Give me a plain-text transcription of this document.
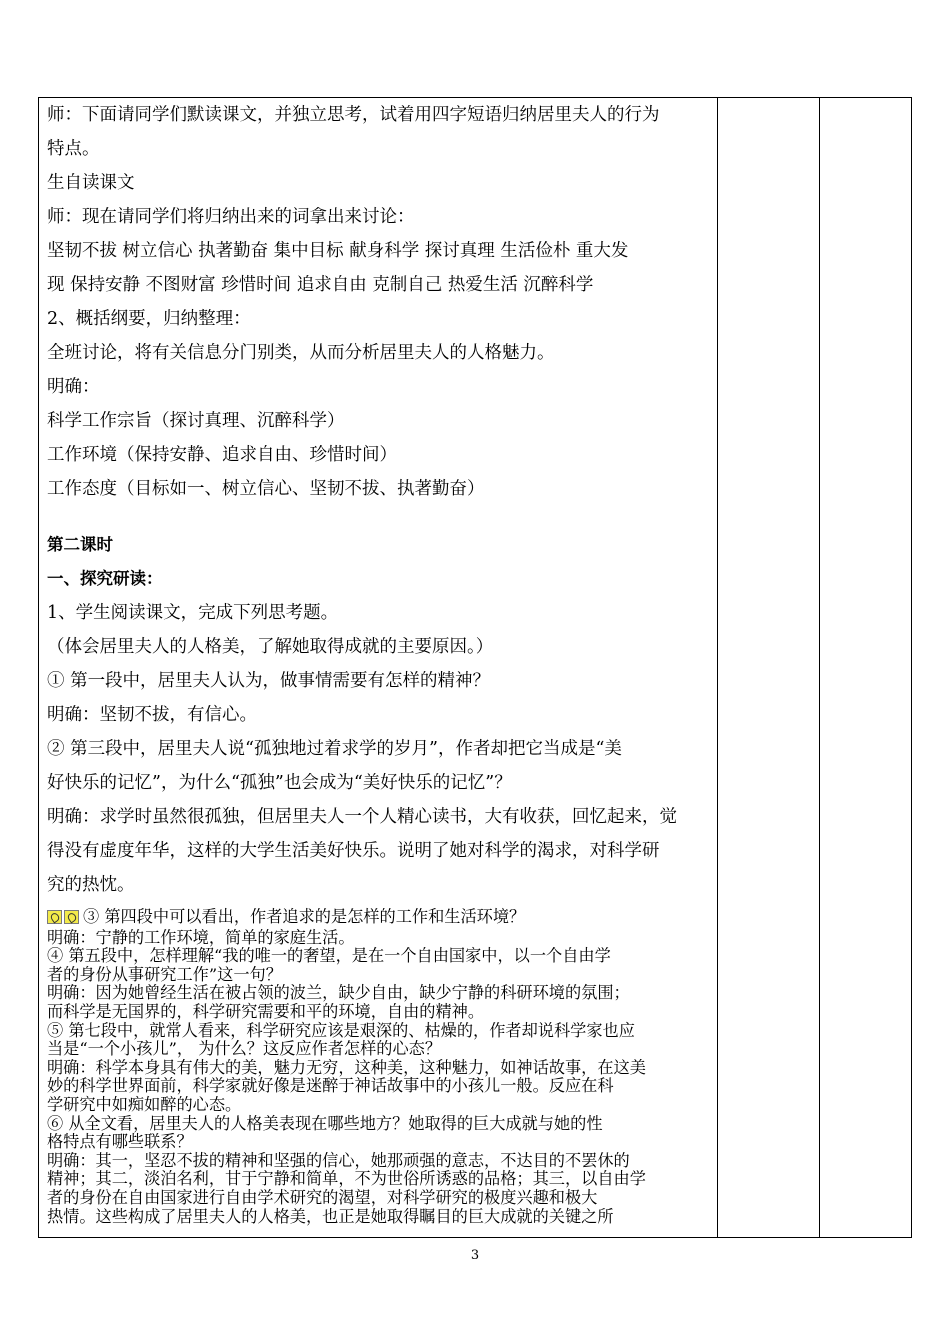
师：下面请同学们默读课文，并独立思考，试着用四字短语归纳居里夫人的行为

特点。

生自读课文

师：现在请同学们将归纳出来的词拿出来讨论：

坚韧不拔 树立信心 执著勤奋 集中目标 献身科学 探讨真理 生活俭朴 重大发

现 保持安静 不图财富 珍惜时间 追求自由 克制自己 热爱生活 沉醉科学

2、概括纲要，归纳整理：

全班讨论，将有关信息分门别类，从而分析居里夫人的人格魅力。

明确：

科学工作宗旨（探讨真理、沉醉科学）

工作环境（保持安静、追求自由、珍惜时间）

工作态度（目标如一、树立信心、坚韧不拔、执著勤奋）

第二课时

一、探究研读：

1、学生阅读课文，完成下列思考题。

（体会居里夫人的人格美，了解她取得成就的主要原因。）

① 第一段中，居里夫人认为，做事情需要有怎样的精神？

明确：坚韧不拔，有信心。

② 第三段中，居里夫人说“孤独地过着求学的岁月”，作者却把它当成是“美

好快乐的记忆”，为什么“孤独”也会成为“美好快乐的记忆”？

明确：求学时虽然很孤独，但居里夫人一个人精心读书，大有收获，回忆起来，觉

得没有虚度年华，这样的大学生活美好快乐。说明了她对科学的渴求，对科学研

究的热忱。

③ 第四段中可以看出，作者追求的是怎样的工作和生活环境？

明确：宁静的工作环境，简单的家庭生活。

④ 第五段中，怎样理解“我的唯一的奢望，是在一个自由国家中，以一个自由学

者的身份从事研究工作”这一句？

明确：因为她曾经生活在被占领的波兰，缺少自由，缺少宁静的科研环境的氛围；

而科学是无国界的，科学研究需要和平的环境，自由的精神。

⑤ 第七段中，就常人看来，科学研究应该是艰深的、枯燥的，作者却说科学家也应

当是“一个小孩儿”， 为什么？这反应作者怎样的心态？

明确：科学本身具有伟大的美，魅力无穷，这种美，这种魅力，如神话故事，在这美

妙的科学世界面前，科学家就好像是迷醉于神话故事中的小孩儿一般。反应在科

学研究中如痴如醉的心态。

⑥ 从全文看，居里夫人的人格美表现在哪些地方？她取得的巨大成就与她的性

格特点有哪些联系？

明确：其一，坚忍不拔的精神和坚强的信心，她那顽强的意志，不达目的不罢休的

精神；其二，淡泊名利，甘于宁静和简单，不为世俗所诱惑的品格；其三，以自由学

者的身份在自由国家进行自由学术研究的渴望，对科学研究的极度兴趣和极大

热情。这些构成了居里夫人的人格美，也正是她取得瞩目的巨大成就的关键之所

3
